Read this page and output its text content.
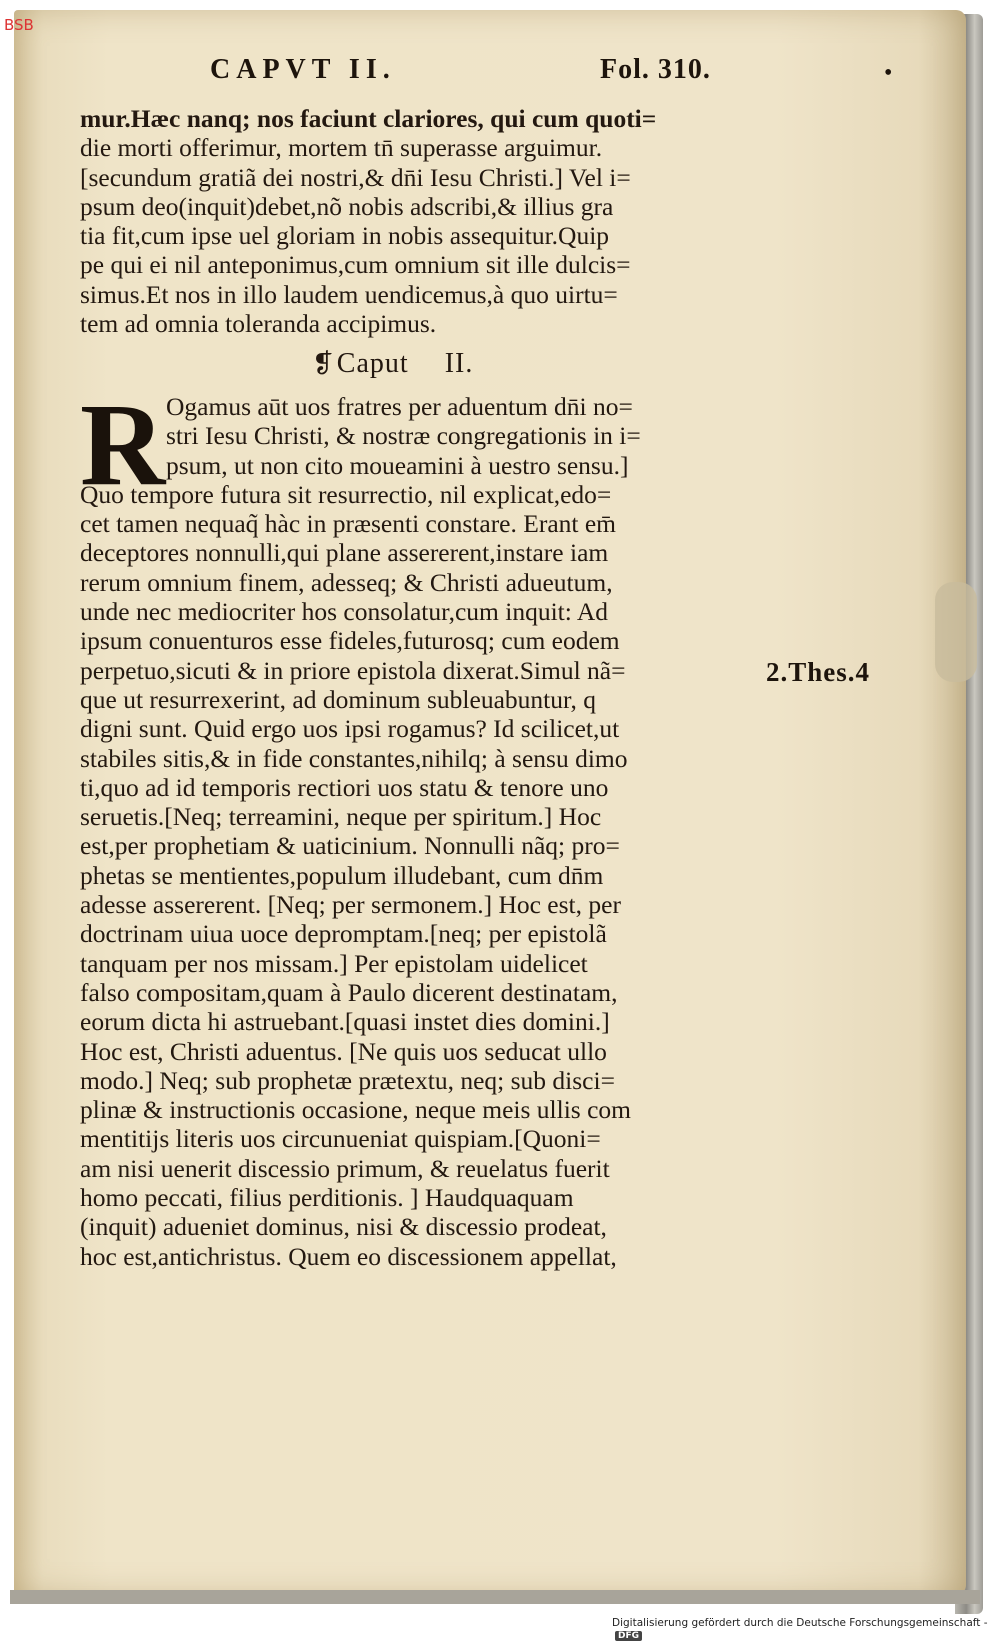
BSB
CAPVT II.	Fol. 310.	•
mur.Hæc nanq; nos faciunt clariores, qui cum quoti=
die morti offerimur, mortem tn̄ superasse arguimur.
[secundum gratiã dei nostri,& dn̄i Iesu Christi.] Vel i=
psum deo(inquit)debet,nõ nobis adscribi,& illius gra
tia fit,cum ipse uel gloriam in nobis assequitur.Quip
pe qui ei nil anteponimus,cum omnium sit ille dulcis=
simus.Et nos in illo laudem uendicemus,à quo uirtu=
tem ad omnia toleranda accipimus.
❡Caput II.
R Ogamus aūt uos fratres per aduentum dn̄i no=
stri Iesu Christi, & nostræ congregationis in i=
psum, ut non cito moueamini à uestro sensu.]
Quo tempore futura sit resurrectio, nil explicat,edo=
cet tamen nequaq̃ hàc in præsenti constare. Erant em̄
deceptores nonnulli,qui plane assererent,instare iam
rerum omnium finem, adesseq; & Christi adueutum,
unde nec mediocriter hos consolatur,cum inquit: Ad
ipsum conuenturos esse fideles,futurosq; cum eodem
perpetuo,sicuti & in priore epistola dixerat.Simul nã=
que ut resurrexerint, ad dominum subleuabuntur, q
digni sunt. Quid ergo uos ipsi rogamus? Id scilicet,ut
stabiles sitis,& in fide constantes,nihilq; à sensu dimo
ti,quo ad id temporis rectiori uos statu & tenore uno
seruetis.[Neq; terreamini, neque per spiritum.] Hoc
est,per prophetiam & uaticinium. Nonnulli nãq; pro=
phetas se mentientes,populum illudebant, cum dn̄m
adesse assererent. [Neq; per sermonem.] Hoc est, per
doctrinam uiua uoce depromptam.[neq; per epistolã
tanquam per nos missam.] Per epistolam uidelicet
falso compositam,quam à Paulo dicerent destinatam,
eorum dicta hi astruebant.[quasi instet dies domini.]
Hoc est, Christi aduentus. [Ne quis uos seducat ullo
modo.] Neq; sub prophetæ prætextu, neq; sub disci=
plinæ & instructionis occasione, neque meis ullis com
mentitijs literis uos circunueniat quispiam.[Quoni=
am nisi uenerit discessio primum, & reuelatus fuerit
homo peccati, filius perditionis. ] Haudquaquam
(inquit) adueniet dominus, nisi & discessio prodeat,
hoc est,antichristus. Quem eo discessionem appellat,
2.Thes.4
Digitalisierung gefördert durch die Deutsche Forschungsgemeinschaft -DFG
